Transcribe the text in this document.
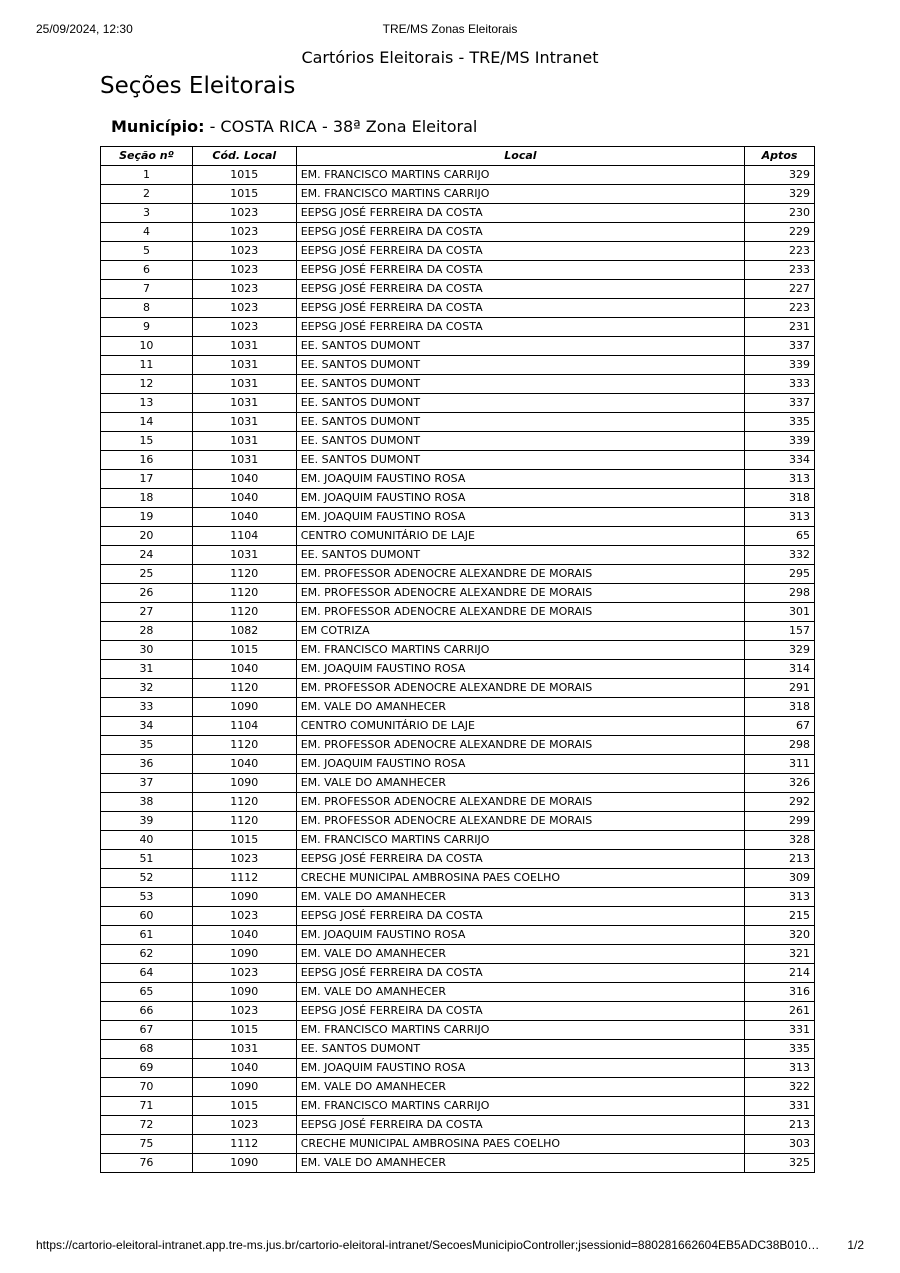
25/09/2024, 12:30	TRE/MS Zonas Eleitorais
Cartórios Eleitorais - TRE/MS Intranet
Seções Eleitorais
Município: - COSTA RICA - 38ª Zona Eleitoral
Seção nº	Cód. Local	Local	Aptos
1	1015	EM. FRANCISCO MARTINS CARRIJO	329
2	1015	EM. FRANCISCO MARTINS CARRIJO	329
3	1023	EEPSG JOSÉ FERREIRA DA COSTA	230
4	1023	EEPSG JOSÉ FERREIRA DA COSTA	229
5	1023	EEPSG JOSÉ FERREIRA DA COSTA	223
6	1023	EEPSG JOSÉ FERREIRA DA COSTA	233
7	1023	EEPSG JOSÉ FERREIRA DA COSTA	227
8	1023	EEPSG JOSÉ FERREIRA DA COSTA	223
9	1023	EEPSG JOSÉ FERREIRA DA COSTA	231
10	1031	EE. SANTOS DUMONT	337
11	1031	EE. SANTOS DUMONT	339
12	1031	EE. SANTOS DUMONT	333
13	1031	EE. SANTOS DUMONT	337
14	1031	EE. SANTOS DUMONT	335
15	1031	EE. SANTOS DUMONT	339
16	1031	EE. SANTOS DUMONT	334
17	1040	EM. JOAQUIM FAUSTINO ROSA	313
18	1040	EM. JOAQUIM FAUSTINO ROSA	318
19	1040	EM. JOAQUIM FAUSTINO ROSA	313
20	1104	CENTRO COMUNITÁRIO DE LAJE	65
24	1031	EE. SANTOS DUMONT	332
25	1120	EM. PROFESSOR ADENOCRE ALEXANDRE DE MORAIS	295
26	1120	EM. PROFESSOR ADENOCRE ALEXANDRE DE MORAIS	298
27	1120	EM. PROFESSOR ADENOCRE ALEXANDRE DE MORAIS	301
28	1082	EM COTRIZA	157
30	1015	EM. FRANCISCO MARTINS CARRIJO	329
31	1040	EM. JOAQUIM FAUSTINO ROSA	314
32	1120	EM. PROFESSOR ADENOCRE ALEXANDRE DE MORAIS	291
33	1090	EM. VALE DO AMANHECER	318
34	1104	CENTRO COMUNITÁRIO DE LAJE	67
35	1120	EM. PROFESSOR ADENOCRE ALEXANDRE DE MORAIS	298
36	1040	EM. JOAQUIM FAUSTINO ROSA	311
37	1090	EM. VALE DO AMANHECER	326
38	1120	EM. PROFESSOR ADENOCRE ALEXANDRE DE MORAIS	292
39	1120	EM. PROFESSOR ADENOCRE ALEXANDRE DE MORAIS	299
40	1015	EM. FRANCISCO MARTINS CARRIJO	328
51	1023	EEPSG JOSÉ FERREIRA DA COSTA	213
52	1112	CRECHE MUNICIPAL AMBROSINA PAES COELHO	309
53	1090	EM. VALE DO AMANHECER	313
60	1023	EEPSG JOSÉ FERREIRA DA COSTA	215
61	1040	EM. JOAQUIM FAUSTINO ROSA	320
62	1090	EM. VALE DO AMANHECER	321
64	1023	EEPSG JOSÉ FERREIRA DA COSTA	214
65	1090	EM. VALE DO AMANHECER	316
66	1023	EEPSG JOSÉ FERREIRA DA COSTA	261
67	1015	EM. FRANCISCO MARTINS CARRIJO	331
68	1031	EE. SANTOS DUMONT	335
69	1040	EM. JOAQUIM FAUSTINO ROSA	313
70	1090	EM. VALE DO AMANHECER	322
71	1015	EM. FRANCISCO MARTINS CARRIJO	331
72	1023	EEPSG JOSÉ FERREIRA DA COSTA	213
75	1112	CRECHE MUNICIPAL AMBROSINA PAES COELHO	303
76	1090	EM. VALE DO AMANHECER	325
https://cartorio-eleitoral-intranet.app.tre-ms.jus.br/cartorio-eleitoral-intranet/SecoesMunicipioController;jsessionid=880281662604EB5ADC38B010…	1/2
